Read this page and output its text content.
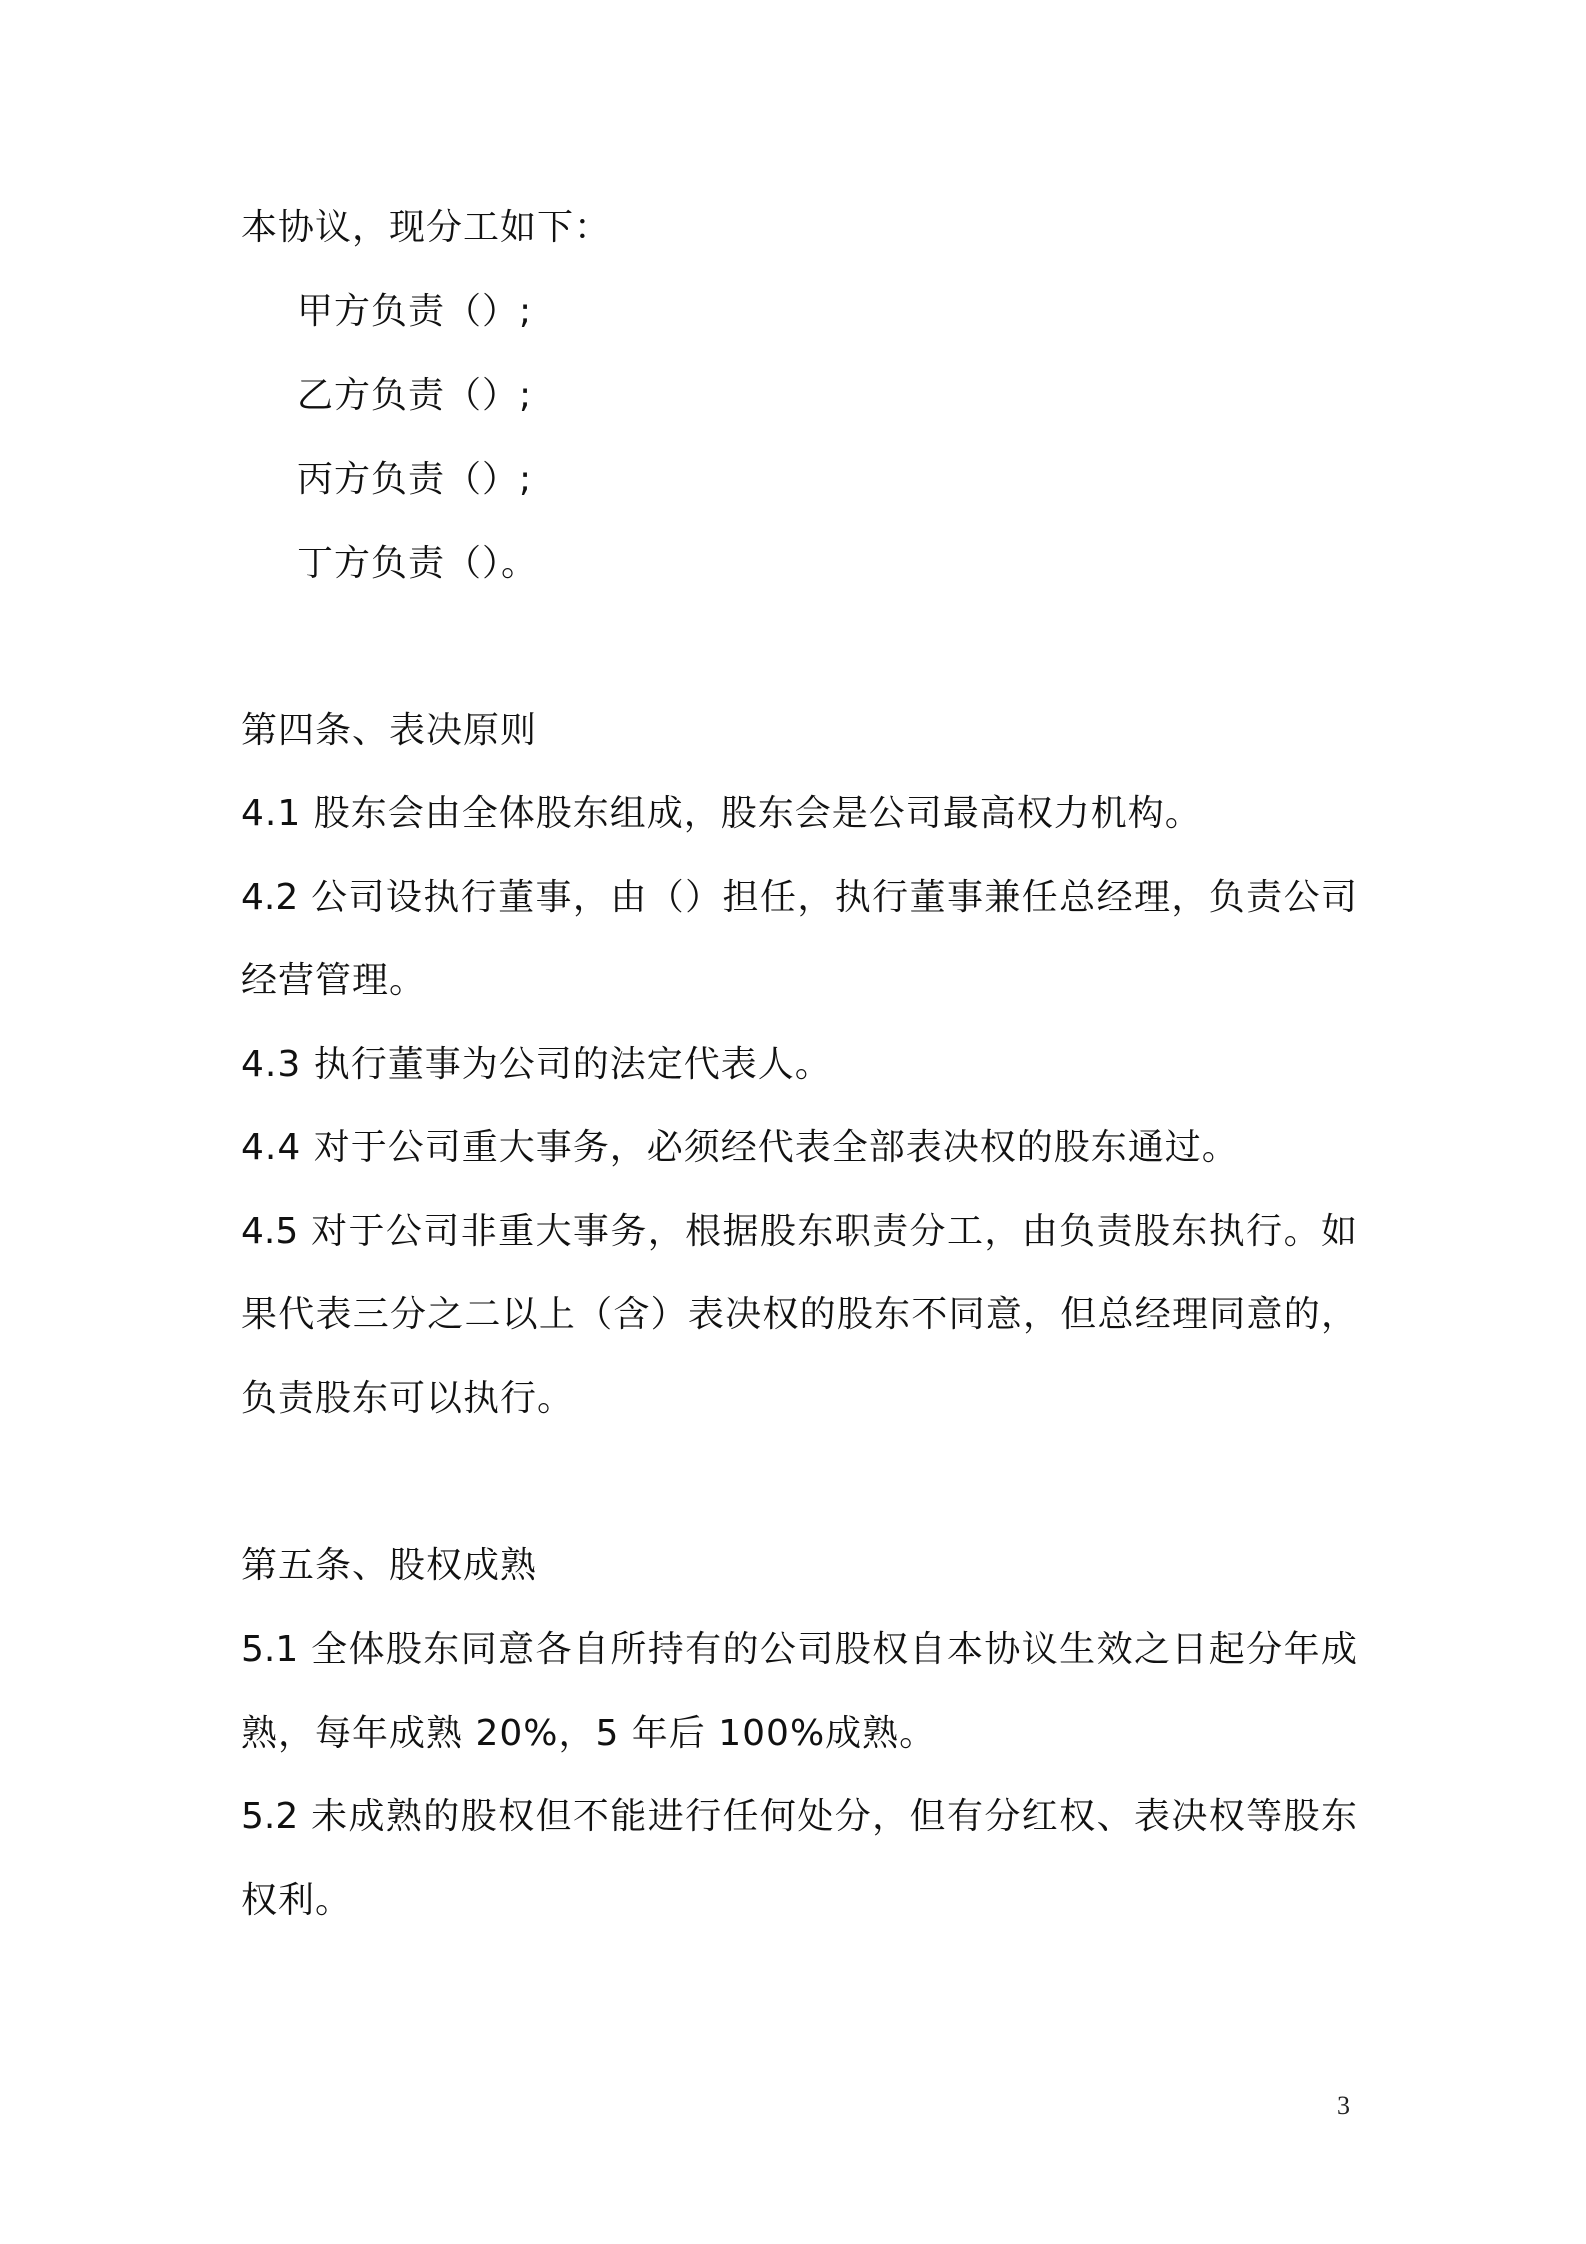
本协议，现分工如下：
甲方负责（）;
乙方负责（）;
丙方负责（）;
丁方负责（）。
第四条、表决原则
4.1 股东会由全体股东组成，股东会是公司最高权力机构。
4.2 公司设执行董事，由（）担任，执行董事兼任总经理，负责公司
经营管理。
4.3 执行董事为公司的法定代表人。
4.4 对于公司重大事务，必须经代表全部表决权的股东通过。
4.5 对于公司非重大事务，根据股东职责分工，由负责股东执行。如
果代表三分之二以上（含）表决权的股东不同意，但总经理同意的，
负责股东可以执行。
第五条、股权成熟
5.1 全体股东同意各自所持有的公司股权自本协议生效之日起分年成
熟，每年成熟 20%，5 年后 100%成熟。
5.2 未成熟的股权但不能进行任何处分，但有分红权、表决权等股东
权利。
3
